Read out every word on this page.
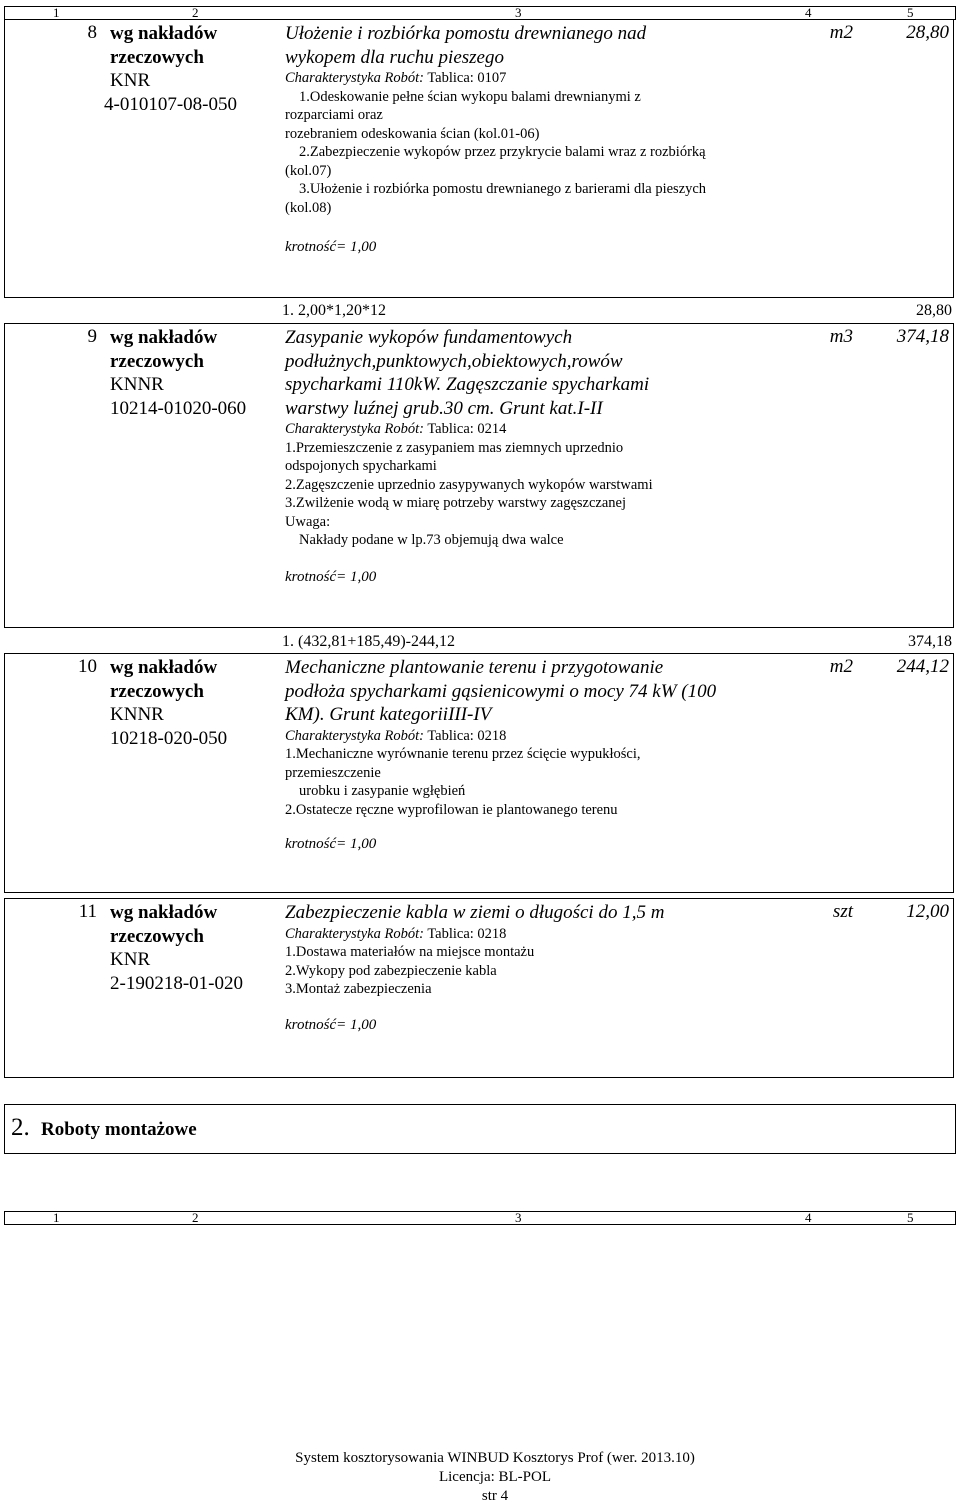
1	2	3	4	5
8 wg nakładów
rzeczowych
KNR
4-010107-08-050
Ułożenie i rozbiórka pomostu drewnianego nad
wykopem dla ruchu pieszego
Charakterystyka Robót: Tablica: 0107
1.Odeskowanie pełne ścian wykopu balami drewnianymi z
rozparciami oraz
rozebraniem odeskowania ścian (kol.01-06)
2.Zabezpieczenie wykopów przez przykrycie balami wraz z rozbiórką
(kol.07)
3.Ułożenie i rozbiórka pomostu drewnianego z barierami dla pieszych
(kol.08)
krotność= 1,00
m2	28,80
1. 2,00*1,20*12	28,80
9 wg nakładów
rzeczowych
KNNR
10214-01020-060
Zasypanie wykopów fundamentowych
podłużnych,punktowych,obiektowych,rowów
spycharkami 110kW. Zagęszczanie spycharkami
warstwy luźnej grub.30 cm. Grunt kat.I-II
Charakterystyka Robót: Tablica: 0214
1.Przemieszczenie z zasypaniem mas ziemnych uprzednio
odspojonych spycharkami
2.Zagęszczenie uprzednio zasypywanych wykopów warstwami
3.Zwilżenie wodą w miarę potrzeby warstwy zagęszczanej
Uwaga:
Nakłady podane w lp.73 objemują dwa walce
krotność= 1,00
m3 374,18
1. (432,81+185,49)-244,12	374,18
10 wg nakładów
rzeczowych
KNNR
10218-020-050
Mechaniczne plantowanie terenu i przygotowanie
podłoża spycharkami gąsienicowymi o mocy 74 kW (100
KM). Grunt kategoriiIII-IV
Charakterystyka Robót: Tablica: 0218
1.Mechaniczne wyrównanie terenu przez ścięcie wypukłości,
przemieszczenie
urobku i zasypanie wgłębień
2.Ostatecze ręczne wyprofilowan ie plantowanego terenu
krotność= 1,00
m2 244,12
11 wg nakładów
rzeczowych
KNR
2-190218-01-020
Zabezpieczenie kabla w ziemi o długości do 1,5 m
Charakterystyka Robót: Tablica: 0218
1.Dostawa materiałów na miejsce montażu
2.Wykopy pod zabezpieczenie kabla
3.Montaż zabezpieczenia
krotność= 1,00
szt	12,00
2. Roboty montażowe
1	2	3	4	5
System kosztorysowania WINBUD Kosztorys Prof (wer. 2013.10)
Licencja: BL-POL
str 4
